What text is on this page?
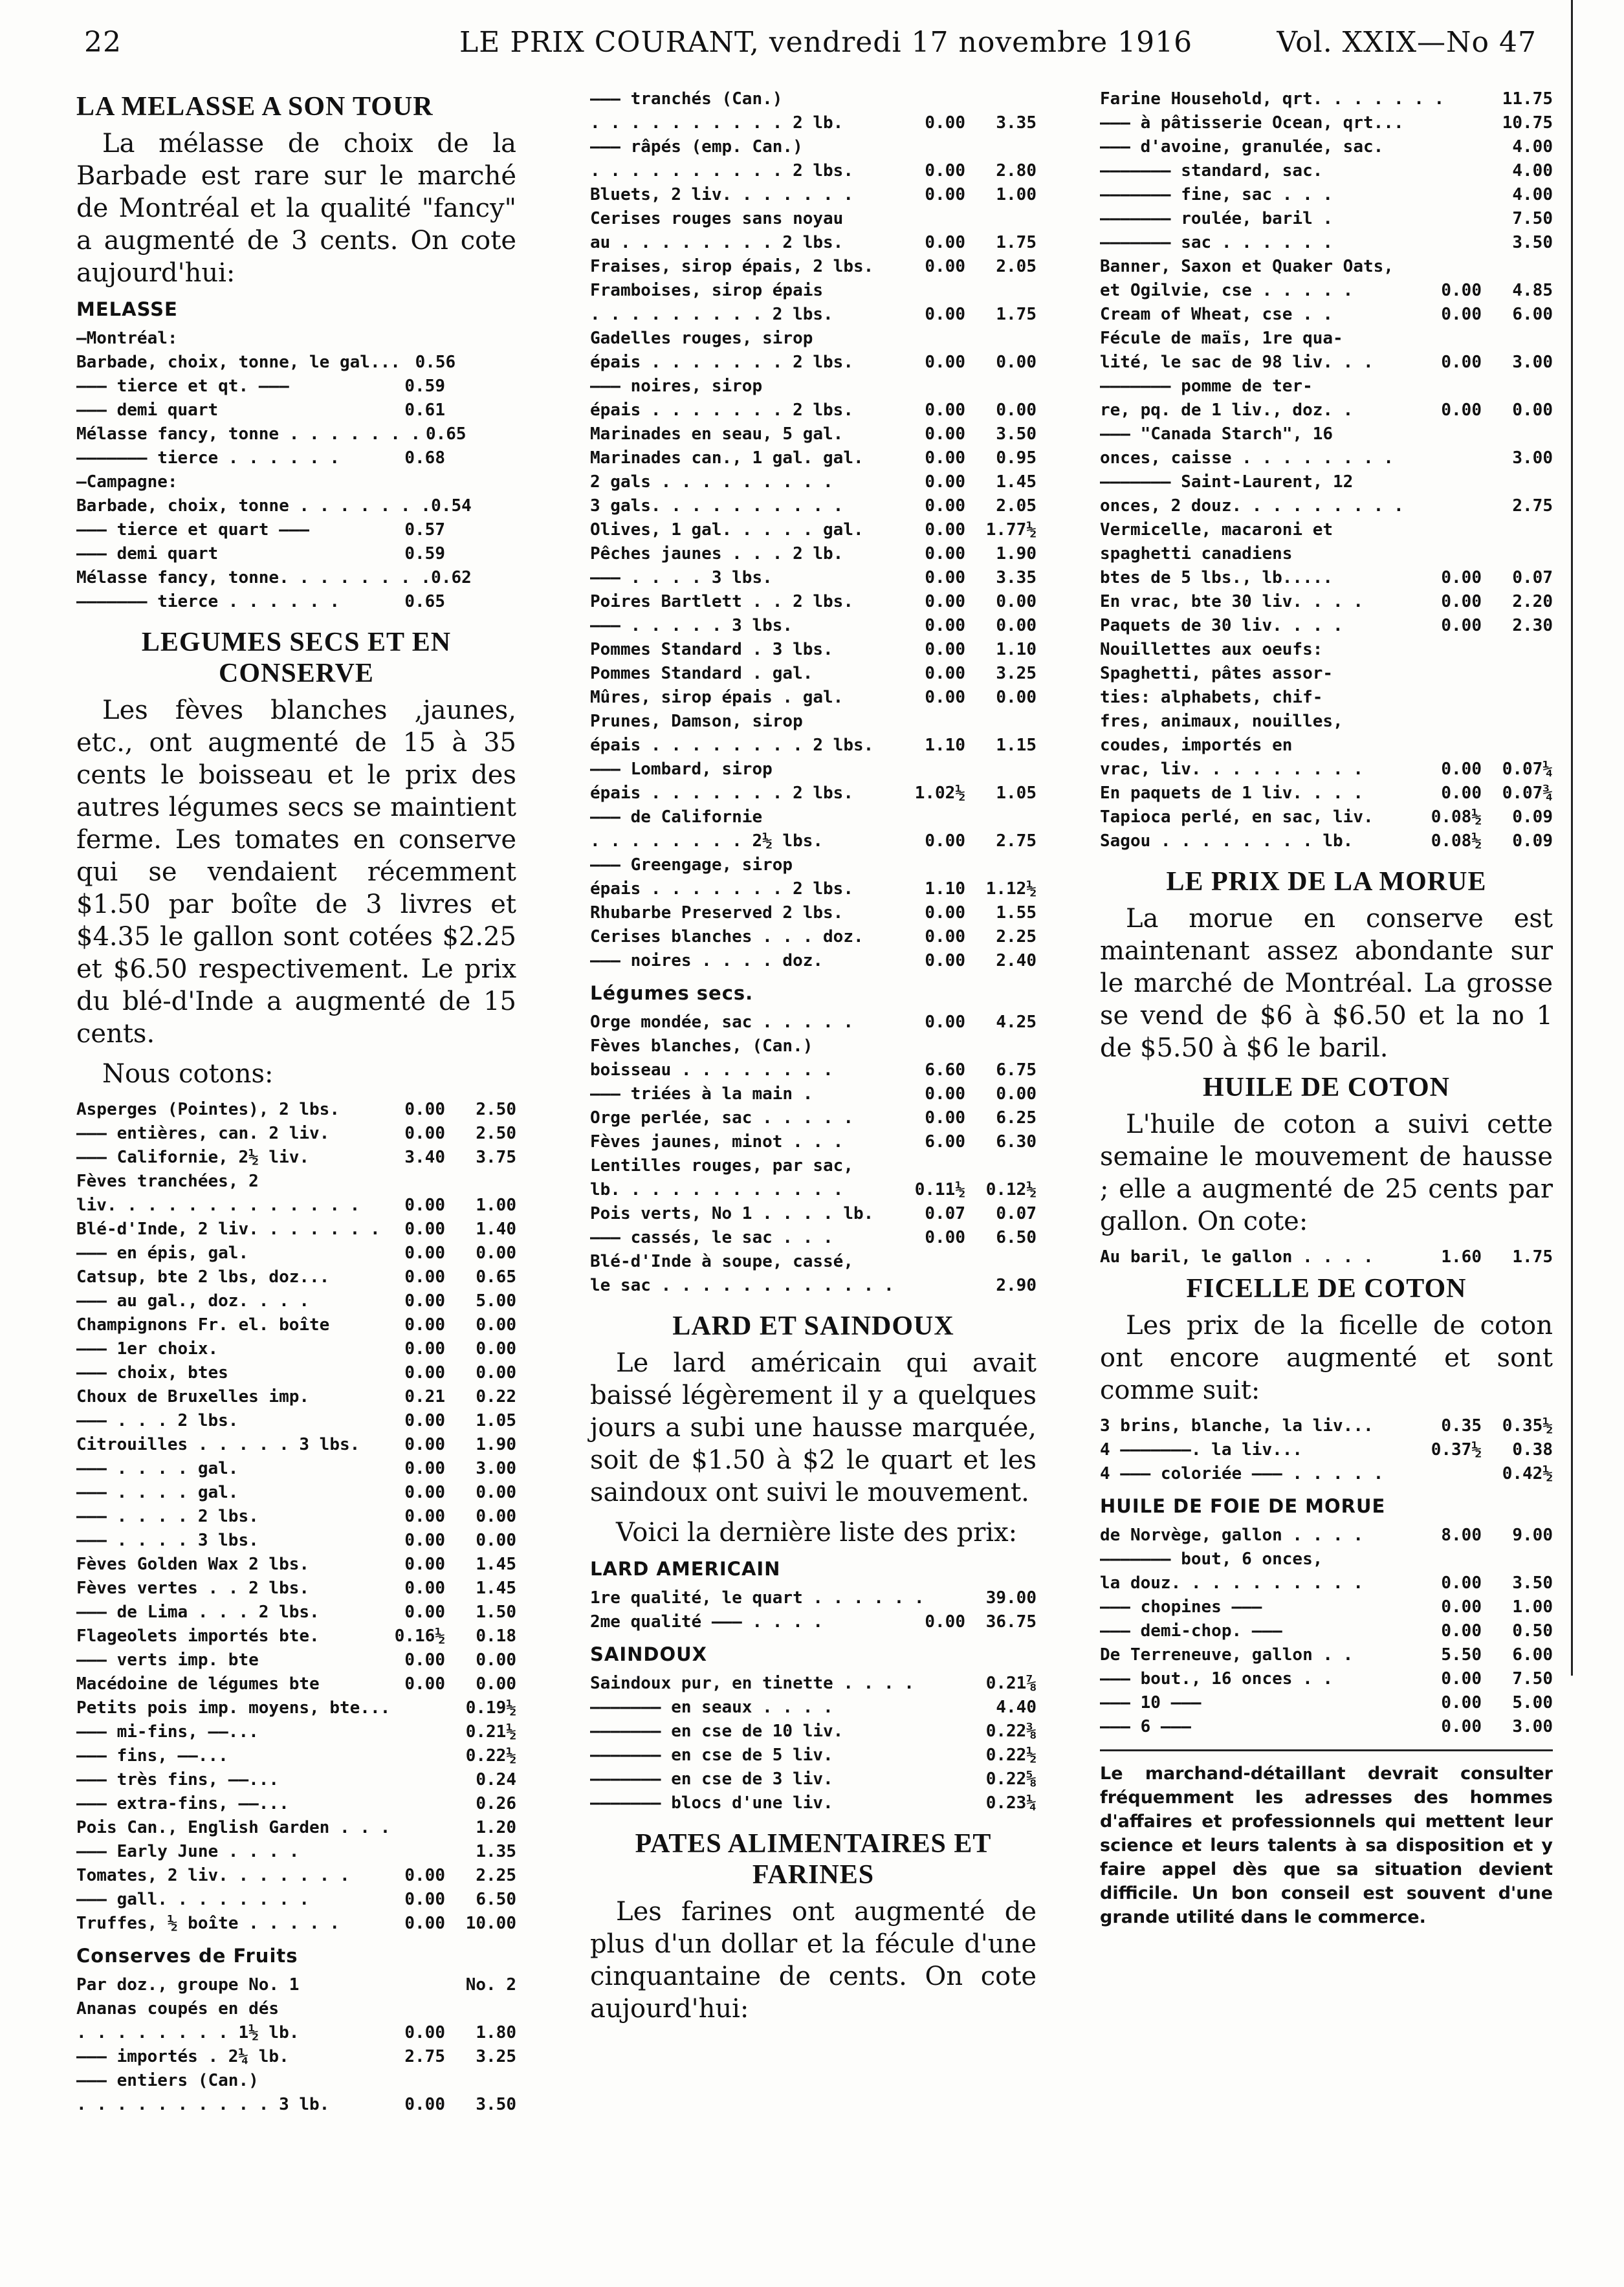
22	LE PRIX COURANT, vendredi 17 novembre 1916	Vol. XXIX—No 47
LA MELASSE A SON TOUR

La mélasse de choix de la Barbade est rare sur le marché de Montréal et la qualité "fancy" a augmenté de 3 cents. On cote aujourd'hui:

MELASSE
—Montréal:
Barbade, choix, tonne, le gal... 0.56
——— tierce et qt. ———	0.59
——— demi quart	0.61
Mélasse fancy, tonne . . . . . . . 0.65
——————— tierce . . . . . .	0.68
—Campagne:
Barbade, choix, tonne . . . . . . . 0.54
——— tierce et quart ———	0.57
——— demi quart	0.59
Mélasse fancy, tonne. . . . . . . . 0.62
——————— tierce . . . . . .	0.65
LEGUMES SECS ET EN CONSERVE

Les fèves blanches ,jaunes, etc., ont augmenté de 15 à 35 cents le boisseau et le prix des autres légumes secs se maintient ferme. Les tomates en conserve qui se vendaient récemment $1.50 par boîte de 3 livres et $4.35 le gallon sont cotées $2.25 et $6.50 respectivement. Le prix du blé-d'Inde a augmenté de 15 cents.

Nous cotons:

Asperges (Pointes), 2 lbs.	0.00	2.50
——— entières, can. 2 liv.	0.00	2.50
——— Californie, 2½ liv.	3.40	3.75
Fèves tranchées, 2
liv. . . . . . . . . . . . .	0.00	1.00
Blé-d'Inde, 2 liv. . . . . . .	0.00	1.40
——— en épis, gal.	0.00	0.00
Catsup, bte 2 lbs, doz...	0.00	0.65
——— au gal., doz. . . .	0.00	5.00
Champignons Fr. el. boîte	0.00	0.00
——— 1er choix.	0.00	0.00
——— choix, btes	0.00	0.00
Choux de Bruxelles imp.	0.21	0.22
——— . . . 2 lbs.	0.00	1.05
Citrouilles . . . . . 3 lbs.	0.00	1.90
——— . . . . gal.	0.00	3.00
——— . . . . gal.	0.00	0.00
——— . . . . 2 lbs.	0.00	0.00
——— . . . . 3 lbs.	0.00	0.00
Fèves Golden Wax 2 lbs.	0.00	1.45
Fèves vertes . . 2 lbs.	0.00	1.45
——— de Lima . . . 2 lbs.	0.00	1.50
Flageolets importés bte.	0.16½	0.18
——— verts imp. bte	0.00	0.00
Macédoine de légumes bte	0.00	0.00
Petits pois imp. moyens, bte...	0.19½
——— mi-fins, ——...	0.21½
——— fins, ——...	0.22½
——— très fins, ——...	0.24
——— extra-fins, ——...	0.26
Pois Can., English Garden . . .	1.20
——— Early June . . . .	1.35
Tomates, 2 liv. . . . . . .	0.00	2.25
——— gall. . . . . . . .	0.00	6.50
Truffes, ½ boîte . . . . .	0.00	10.00
Conserves de Fruits
Par doz., groupe No. 1	No. 2
Ananas coupés en dés
. . . . . . . . 1½ lb.	0.00	1.80
——— importés . 2¼ lb.	2.75	3.25
——— entiers (Can.)
. . . . . . . . . . 3 lb.	0.00	3.50
——— tranchés (Can.)
. . . . . . . . . . 2 lb.	0.00	3.35
——— râpés (emp. Can.)
. . . . . . . . . . 2 lbs.	0.00	2.80
Bluets, 2 liv. . . . . . .	0.00	1.00
Cerises rouges sans noyau
au . . . . . . . . 2 lbs.	0.00	1.75
Fraises, sirop épais, 2 lbs.	0.00	2.05
Framboises, sirop épais
. . . . . . . . . 2 lbs.	0.00	1.75
Gadelles rouges, sirop
épais . . . . . . . 2 lbs.	0.00	0.00
——— noires, sirop
épais . . . . . . . 2 lbs.	0.00	0.00
Marinades en seau, 5 gal.	0.00	3.50
Marinades can., 1 gal. gal.	0.00	0.95
2 gals . . . . . . . . .	0.00	1.45
3 gals. . . . . . . . . .	0.00	2.05
Olives, 1 gal. . . . . gal.	0.00	1.77½
Pêches jaunes . . . 2 lb.	0.00	1.90
——— . . . . 3 lbs.	0.00	3.35
Poires Bartlett . . 2 lbs.	0.00	0.00
——— . . . . . 3 lbs.	0.00	0.00
Pommes Standard . 3 lbs.	0.00	1.10
Pommes Standard . gal.	0.00	3.25
Mûres, sirop épais . gal.	0.00	0.00
Prunes, Damson, sirop
épais . . . . . . . . 2 lbs.	1.10	1.15
——— Lombard, sirop
épais . . . . . . . 2 lbs.	1.02½	1.05
——— de Californie
. . . . . . . . 2½ lbs.	0.00	2.75
——— Greengage, sirop
épais . . . . . . . 2 lbs.	1.10	1.12½
Rhubarbe Preserved 2 lbs.	0.00	1.55
Cerises blanches . . . doz.	0.00	2.25
——— noires . . . . doz.	0.00	2.40
Légumes secs.
Orge mondée, sac . . . . .	0.00	4.25
Fèves blanches, (Can.)
boisseau . . . . . . . .	6.60	6.75
——— triées à la main .	0.00	0.00
Orge perlée, sac . . . . .	0.00	6.25
Fèves jaunes, minot . . .	6.00	6.30
Lentilles rouges, par sac,
lb. . . . . . . . . . . .	0.11½	0.12½
Pois verts, No 1 . . . . lb.	0.07	0.07
——— cassés, le sac . . .	0.00	6.50
Blé-d'Inde à soupe, cassé,
le sac . . . . . . . . . . . .	2.90
LARD ET SAINDOUX

Le lard américain qui avait baissé légèrement il y a quelques jours a subi une hausse marquée, soit de $1.50 à $2 le quart et les saindoux ont suivi le mouvement.

Voici la dernière liste des prix:

LARD AMERICAIN
1re qualité, le quart . . . . . .	39.00
2me qualité ——— . . . .	0.00	36.75
SAINDOUX
Saindoux pur, en tinette . . . .	0.21⅞
——————— en seaux . . . .	4.40
——————— en cse de 10 liv.	0.22⅜
——————— en cse de 5 liv.	0.22½
——————— en cse de 3 liv.	0.22⅝
——————— blocs d'une liv.	0.23¼
PATES ALIMENTAIRES ET FARINES

Les farines ont augmenté de plus d'un dollar et la fécule d'une cinquantaine de cents. On cote aujourd'hui:

Farine Household, qrt. . . . . . .	11.75
——— à pâtisserie Ocean, qrt...	10.75
——— d'avoine, granulée, sac.	4.00
——————— standard, sac.	4.00
——————— fine, sac . . .	4.00
——————— roulée, baril .	7.50
——————— sac . . . . . .	3.50
Banner, Saxon et Quaker Oats,
et Ogilvie, cse . . . . .	0.00	4.85
Cream of Wheat, cse . .	0.00	6.00
Fécule de maïs, 1re qua-
lité, le sac de 98 liv. . .	0.00	3.00
——————— pomme de ter-
re, pq. de 1 liv., doz. .	0.00	0.00
——— "Canada Starch", 16
onces, caisse . . . . . . . .	3.00
——————— Saint-Laurent, 12
onces, 2 douz. . . . . . . . .	2.75
Vermicelle, macaroni et
spaghetti canadiens
btes de 5 lbs., lb.....	0.00	0.07
En vrac, bte 30 liv. . . .	0.00	2.20
Paquets de 30 liv. . . .	0.00	2.30
Nouillettes aux oeufs:
Spaghetti, pâtes assor-
ties: alphabets, chif-
fres, animaux, nouilles,
coudes, importés en
vrac, liv. . . . . . . . .	0.00	0.07¼
En paquets de 1 liv. . . .	0.00	0.07¾
Tapioca perlé, en sac, liv.	0.08½	0.09
Sagou . . . . . . . . lb.	0.08½	0.09
LE PRIX DE LA MORUE

La morue en conserve est maintenant assez abondante sur le marché de Montréal. La grosse se vend de $6 à $6.50 et la no 1 de $5.50 à $6 le baril.

HUILE DE COTON

L'huile de coton a suivi cette semaine le mouvement de hausse ; elle a augmenté de 25 cents par gallon. On cote:

Au baril, le gallon . . . .	1.60	1.75
FICELLE DE COTON

Les prix de la ficelle de coton ont encore augmenté et sont comme suit:

3 brins, blanche, la liv...	0.35	0.35½
4 ———————. la liv...	0.37½	0.38
4 ——— coloriée ——— . . . . .	0.42½
HUILE DE FOIE DE MORUE
de Norvège, gallon . . . .	8.00	9.00
——————— bout, 6 onces,
la douz. . . . . . . . . .	0.00	3.50
——— chopines ———	0.00	1.00
——— demi-chop. ———	0.00	0.50
De Terreneuve, gallon . .	5.50	6.00
——— bout., 16 onces . .	0.00	7.50
——— 10 ———	0.00	5.00
——— 6 ———	0.00	3.00
Le marchand-détaillant devrait consulter fréquemment les adresses des hommes d'affaires et professionnels qui mettent leur science et leurs talents à sa disposition et y faire appel dès que sa situation devient difficile. Un bon conseil est souvent d'une grande utilité dans le commerce.
